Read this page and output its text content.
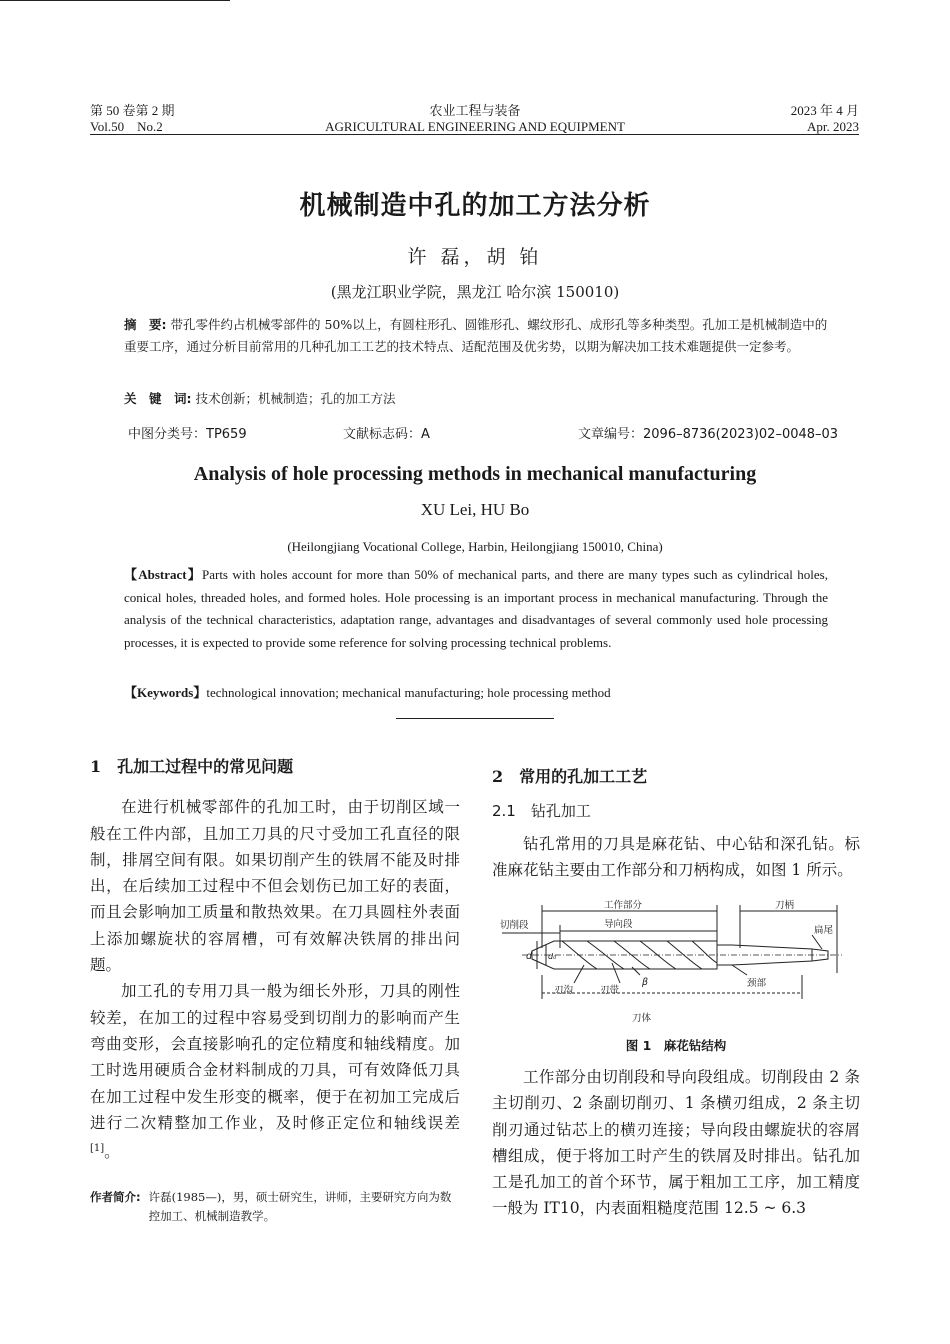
第 50 卷第 2 期	农业工程与装备	2023 年 4 月
Vol.50    No.2	AGRICULTURAL ENGINEERING AND EQUIPMENT	Apr. 2023
机械制造中孔的加工方法分析
许 磊，胡 铂
(黑龙江职业学院，黑龙江 哈尔滨 150010)
摘　要: 带孔零件约占机械零部件的 50%以上，有圆柱形孔、圆锥形孔、螺纹形孔、成形孔等多种类型。孔加工是机械制造中的重要工序，通过分析目前常用的几种孔加工工艺的技术特点、适配范围及优劣势，以期为解决加工技术难题提供一定参考。
关　键　词: 技术创新；机械制造；孔的加工方法
中图分类号：TP659	文献标志码：A	文章编号：2096–8736(2023)02–0048–03
Analysis of hole processing methods in mechanical manufacturing
XU Lei, HU Bo
(Heilongjiang Vocational College, Harbin, Heilongjiang 150010, China)
【Abstract】Parts with holes account for more than 50% of mechanical parts, and there are many types such as cylindrical holes, conical holes, threaded holes, and formed holes. Hole processing is an important process in mechanical manufacturing. Through the analysis of the technical characteristics, adaptation range, advantages and disadvantages of several commonly used hole processing processes, it is expected to provide some reference for solving processing technical problems.
【Keywords】technological innovation; mechanical manufacturing; hole processing method
1　孔加工过程中的常见问题

在进行机械零部件的孔加工时，由于切削区域一般在工件内部，且加工刀具的尺寸受加工孔直径的限制，排屑空间有限。如果切削产生的铁屑不能及时排出，在后续加工过程中不但会划伤已加工好的表面，而且会影响加工质量和散热效果。在刀具圆柱外表面上添加螺旋状的容屑槽，可有效解决铁屑的排出问题。

加工孔的专用刀具一般为细长外形，刀具的刚性较差，在加工的过程中容易受到切削力的影响而产生弯曲变形，会直接影响孔的定位精度和轴线精度。加工时选用硬质合金材料制成的刀具，可有效降低刀具在加工过程中发生形变的概率，便于在初加工完成后进行二次精整加工作业，及时修正定位和轴线误差[1]。

作者简介: 许磊(1985—)，男，硕士研究生，讲师，主要研究方向为数控加工、机械制造教学。
2　常用的孔加工工艺
2.1　钻孔加工

钻孔常用的刀具是麻花钻、中心钻和深孔钻。标准麻花钻主要由工作部分和刀柄构成，如图 1 所示。

工作部分	刀柄
切削段	导向段
扁尾
颈部
刃沟	刃带
刀体
β
d d₀
图 1　麻花钻结构

工作部分由切削段和导向段组成。切削段由 2 条主切削刃、2 条副切削刃、1 条横刃组成，2 条主切削刃通过钻芯上的横刃连接；导向段由螺旋状的容屑槽组成，便于将加工时产生的铁屑及时排出。钻孔加工是孔加工的首个环节，属于粗加工工序，加工精度一般为 IT10，内表面粗糙度范围 12.5 ~ 6.3
